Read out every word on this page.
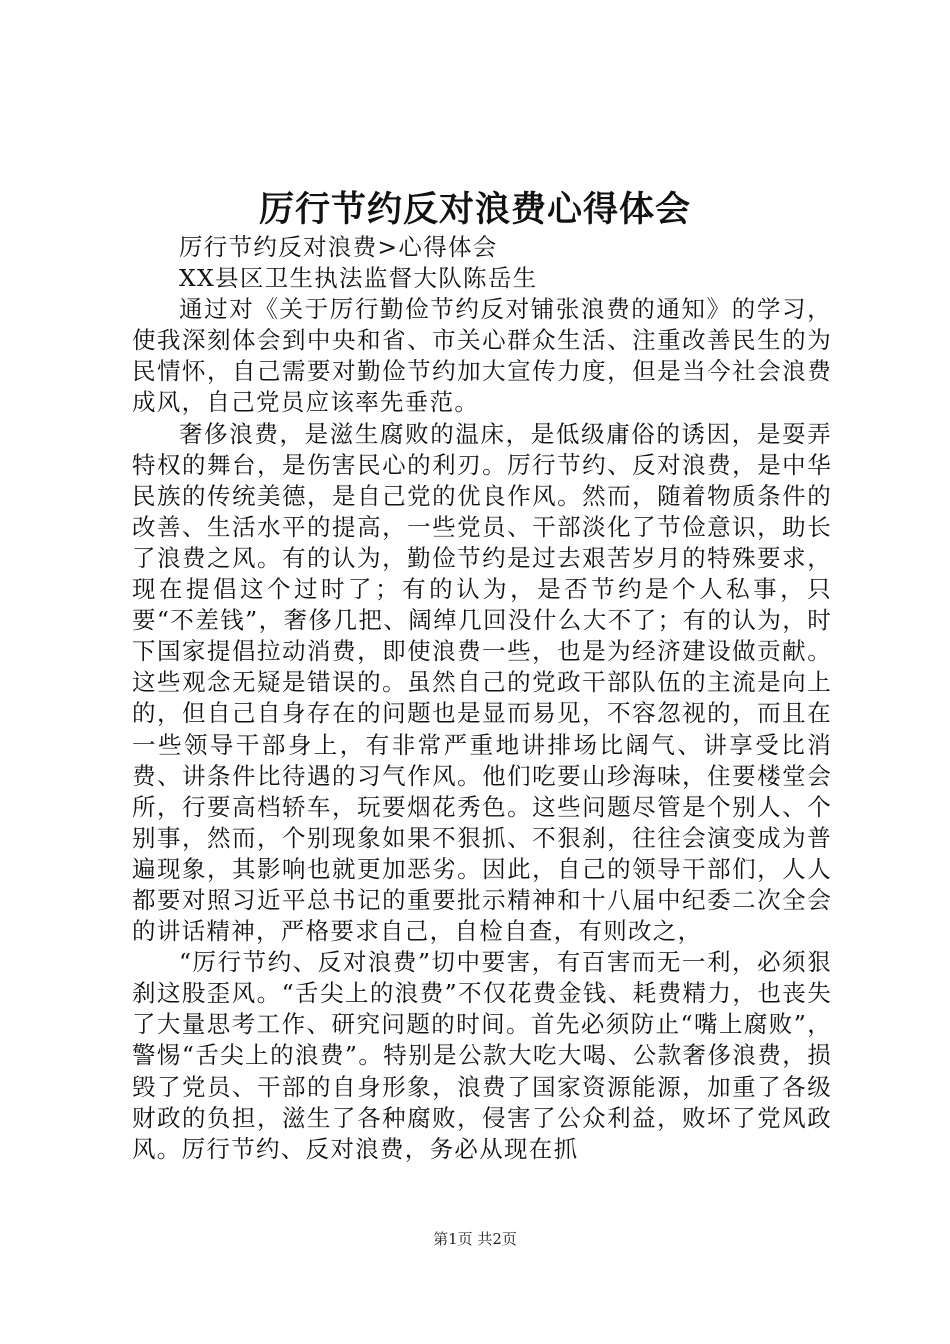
厉行节约反对浪费心得体会

厉行节约反对浪费>心得体会

XX县区卫生执法监督大队陈岳生

通过对《关于厉行勤俭节约反对铺张浪费的通知》的学习，使我深刻体会到中央和省、市关心群众生活、注重改善民生的为民情怀，自己需要对勤俭节约加大宣传力度，但是当今社会浪费成风，自己党员应该率先垂范。

奢侈浪费，是滋生腐败的温床，是低级庸俗的诱因，是耍弄特权的舞台，是伤害民心的利刃。厉行节约、反对浪费，是中华民族的传统美德，是自己党的优良作风。然而，随着物质条件的改善、生活水平的提高，一些党员、干部淡化了节俭意识，助长了浪费之风。有的认为，勤俭节约是过去艰苦岁月的特殊要求，现在提倡这个过时了；有的认为，是否节约是个人私事，只要“不差钱”，奢侈几把、阔绰几回没什么大不了；有的认为，时下国家提倡拉动消费，即使浪费一些，也是为经济建设做贡献。这些观念无疑是错误的。虽然自己的党政干部队伍的主流是向上的，但自己自身存在的问题也是显而易见，不容忽视的，而且在一些领导干部身上，有非常严重地讲排场比阔气、讲享受比消费、讲条件比待遇的习气作风。他们吃要山珍海味，住要楼堂会所，行要高档轿车，玩要烟花秀色。这些问题尽管是个别人、个别事，然而，个别现象如果不狠抓、不狠刹，往往会演变成为普遍现象，其影响也就更加恶劣。因此，自己的领导干部们，人人都要对照习近平总书记的重要批示精神和十八届中纪委二次全会的讲话精神，严格要求自己，自检自查，有则改之，

“厉行节约、反对浪费”切中要害，有百害而无一利，必须狠刹这股歪风。“舌尖上的浪费”不仅花费金钱、耗费精力，也丧失了大量思考工作、研究问题的时间。首先必须防止“嘴上腐败”，警惕“舌尖上的浪费”。特别是公款大吃大喝、公款奢侈浪费，损毁了党员、干部的自身形象，浪费了国家资源能源，加重了各级财政的负担，滋生了各种腐败，侵害了公众利益，败坏了党风政风。厉行节约、反对浪费，务必从现在抓

第1页 共2页
